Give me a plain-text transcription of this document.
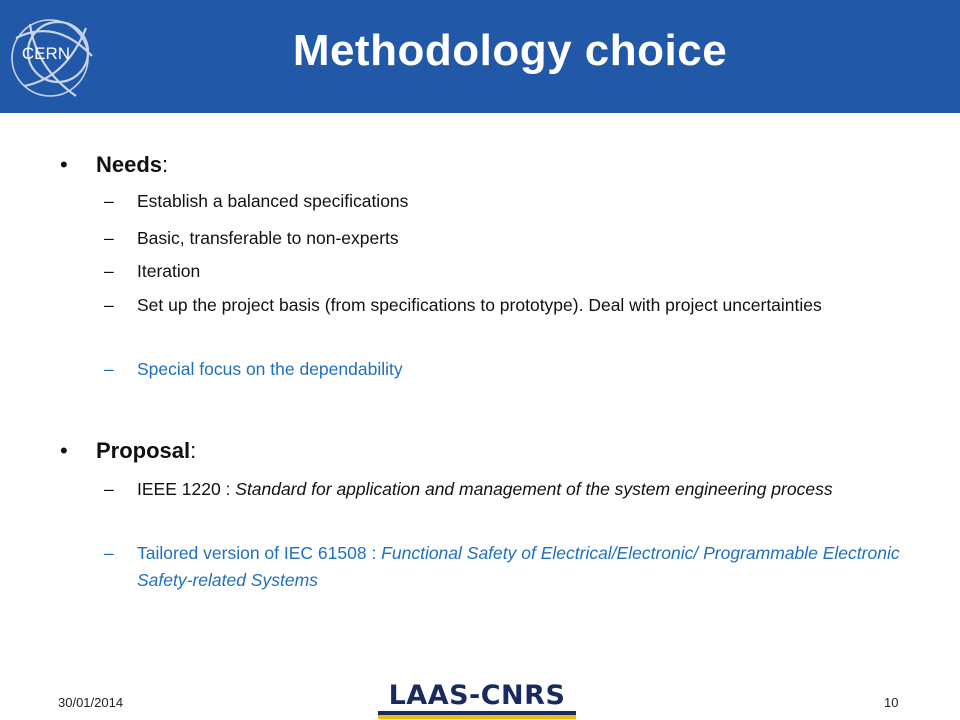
CERN	Methodology choice
• Needs:
– Establish a balanced specifications
– Basic, transferable to non-experts
– Iteration
– Set up the project basis (from specifications to prototype). Deal with project uncertainties
– Special focus on the dependability
• Proposal:
– IEEE 1220 : Standard for application and management of the system engineering process
– Tailored version of IEC 61508 : Functional Safety of Electrical/Electronic/ Programmable Electronic Safety-related Systems
30/01/2014	LAAS-CNRS	10
